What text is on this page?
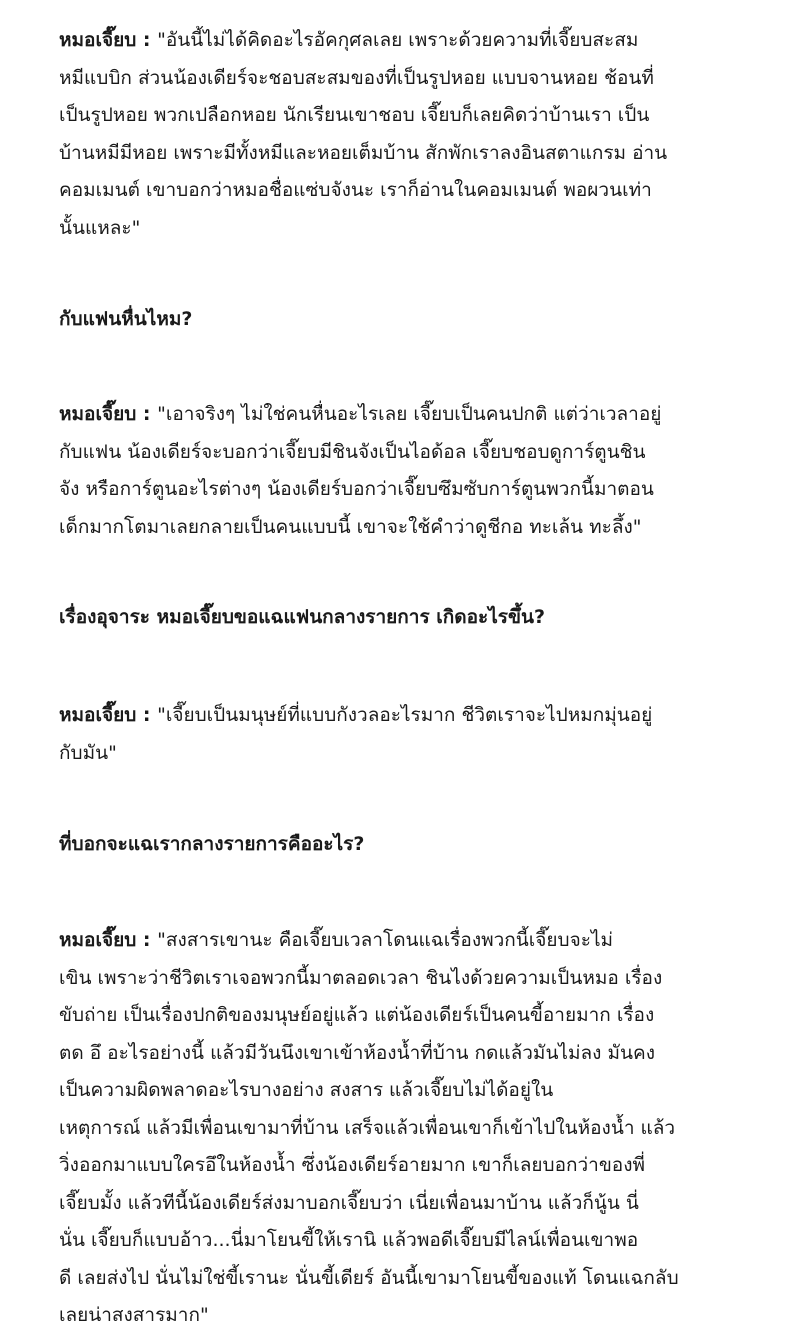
หมอเจี๊ยบ : "อันนี้ไม่ได้คิดอะไรอัคกุศลเลย เพราะด้วยความที่เจี๊ยบสะสม
หมีแบบิก ส่วนน้องเดียร์จะชอบสะสมของที่เป็นรูปหอย แบบจานหอย ช้อนที่
เป็นรูปหอย พวกเปลือกหอย นักเรียนเขาชอบ เจี๊ยบก็เลยคิดว่าบ้านเรา เป็น
บ้านหมีมีหอย เพราะมีทั้งหมีและหอยเต็มบ้าน สักพักเราลงอินสตาแกรม อ่าน
คอมเมนต์ เขาบอกว่าหมอชื่อแซ่บจังนะ เราก็อ่านในคอมเมนต์ พอผวนเท่า
นั้นแหละ"

กับแฟนหื่นไหม?

หมอเจี๊ยบ : "เอาจริงๆ ไม่ใช่คนหื่นอะไรเลย เจี๊ยบเป็นคนปกติ แต่ว่าเวลาอยู่
กับแฟน น้องเดียร์จะบอกว่าเจี๊ยบมีชินจังเป็นไอด้อล เจี๊ยบชอบดูการ์ตูนชิน
จัง หรือการ์ตูนอะไรต่างๆ น้องเดียร์บอกว่าเจี๊ยบซึมซับการ์ตูนพวกนี้มาตอน
เด็กมากโตมาเลยกลายเป็นคนแบบนี้ เขาจะใช้คำว่าดูชีกอ ทะเล้น ทะลึ้ง"

เรื่องอุจาระ หมอเจี๊ยบขอแฉแฟนกลางรายการ เกิดอะไรขึ้น?

หมอเจี๊ยบ : "เจี๊ยบเป็นมนุษย์ที่แบบกังวลอะไรมาก ชีวิตเราจะไปหมกมุ่นอยู่
กับมัน"

ที่บอกจะแฉเรากลางรายการคืออะไร?

หมอเจี๊ยบ : "สงสารเขานะ คือเจี๊ยบเวลาโดนแฉเรื่องพวกนี้เจี๊ยบจะไม่
เขิน เพราะว่าชีวิตเราเจอพวกนี้มาตลอดเวลา ชินไงด้วยความเป็นหมอ เรื่อง
ขับถ่าย เป็นเรื่องปกติของมนุษย์อยู่แล้ว แต่น้องเดียร์เป็นคนขี้อายมาก เรื่อง
ตด อึ อะไรอย่างนี้ แล้วมีวันนึงเขาเข้าห้องน้ำที่บ้าน กดแล้วมันไม่ลง มันคง
เป็นความผิดพลาดอะไรบางอย่าง สงสาร แล้วเจี๊ยบไม่ได้อยู่ใน
เหตุการณ์ แล้วมีเพื่อนเขามาที่บ้าน เสร็จแล้วเพื่อนเขาก็เข้าไปในห้องน้ำ แล้ว
วิ่งออกมาแบบใครอึในห้องน้ำ ซึ่งน้องเดียร์อายมาก เขาก็เลยบอกว่าของพี่
เจี๊ยบมั้ง แล้วทีนี้น้องเดียร์ส่งมาบอกเจี๊ยบว่า เนี่ยเพื่อนมาบ้าน แล้วก็นู้น นี่
นั่น เจี๊ยบก็แบบอ้าว...นี่มาโยนขี้ให้เรานิ แล้วพอดีเจี๊ยบมีไลน์เพื่อนเขาพอ
ดี เลยส่งไป นั่นไม่ใช่ขี้เรานะ นั่นขี้เดียร์ อันนี้เขามาโยนขี้ของแท้ โดนแฉกลับ
เลยน่าสงสารมาก"
